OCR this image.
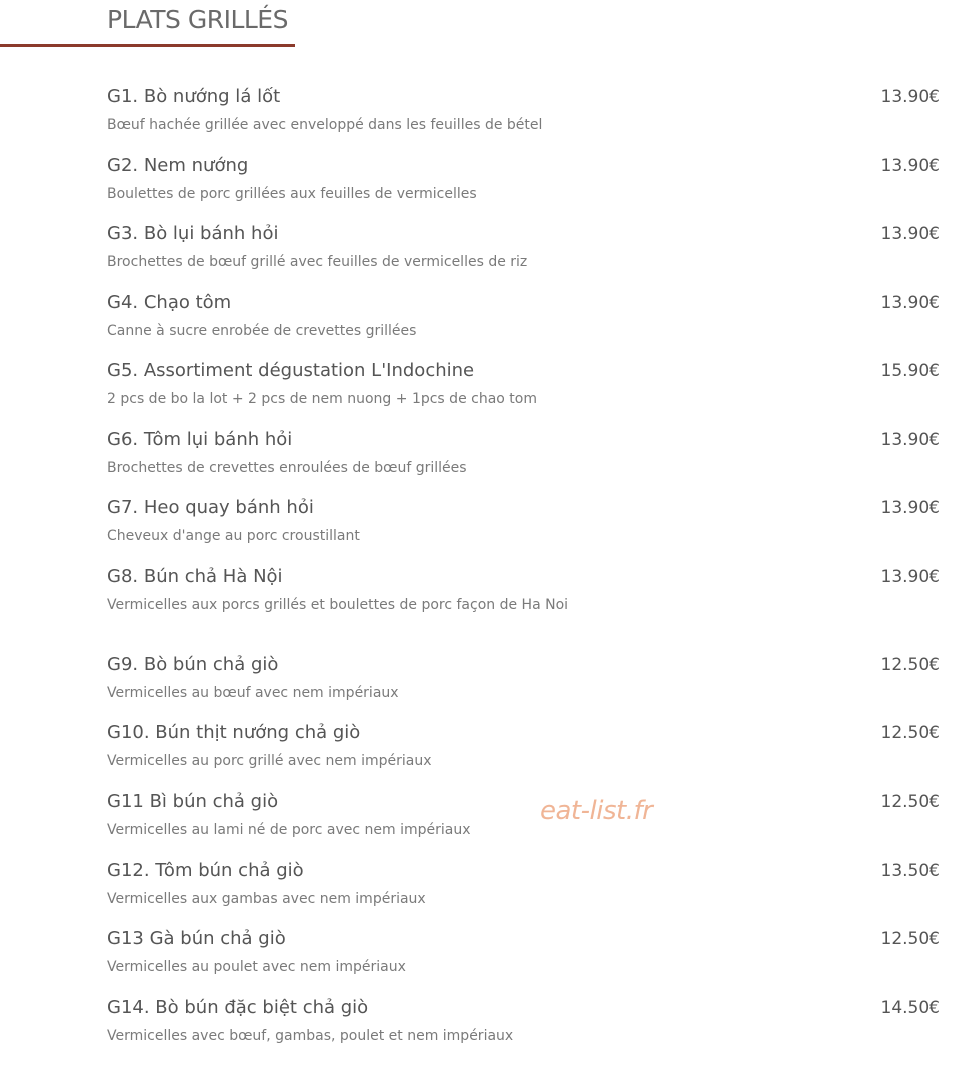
PLATS GRILLÉS
G1. Bò nướng lá lốt
Bœuf hachée grillée avec enveloppé dans les feuilles de bétel
13.90€
G2. Nem nướng
Boulettes de porc grillées aux feuilles de vermicelles
13.90€
G3. Bò lụi bánh hỏi
Brochettes de bœuf grillé avec feuilles de vermicelles de riz
13.90€
G4. Chạo tôm
Canne à sucre enrobée de crevettes grillées
13.90€
G5. Assortiment dégustation L'Indochine
2 pcs de bo la lot + 2 pcs de nem nuong + 1pcs de chao tom
15.90€
G6. Tôm lụi bánh hỏi
Brochettes de crevettes enroulées de bœuf grillées
13.90€
G7. Heo quay bánh hỏi
Cheveux d'ange au porc croustillant
13.90€
G8. Bún chả Hà Nội
Vermicelles aux porcs grillés et boulettes de porc façon de Ha Noi
13.90€
G9. Bò bún chả giò
Vermicelles au bœuf avec nem impériaux
12.50€
G10. Bún thịt nướng chả giò
Vermicelles au porc grillé avec nem impériaux
12.50€
G11 Bì bún chả giò
Vermicelles au lami né de porc avec nem impériaux
12.50€
G12. Tôm bún chả giò
Vermicelles aux gambas avec nem impériaux
13.50€
G13 Gà bún chả giò
Vermicelles au poulet avec nem impériaux
12.50€
G14. Bò bún đặc biệt chả giò
Vermicelles avec bœuf, gambas, poulet et nem impériaux
14.50€
eat-list.fr
